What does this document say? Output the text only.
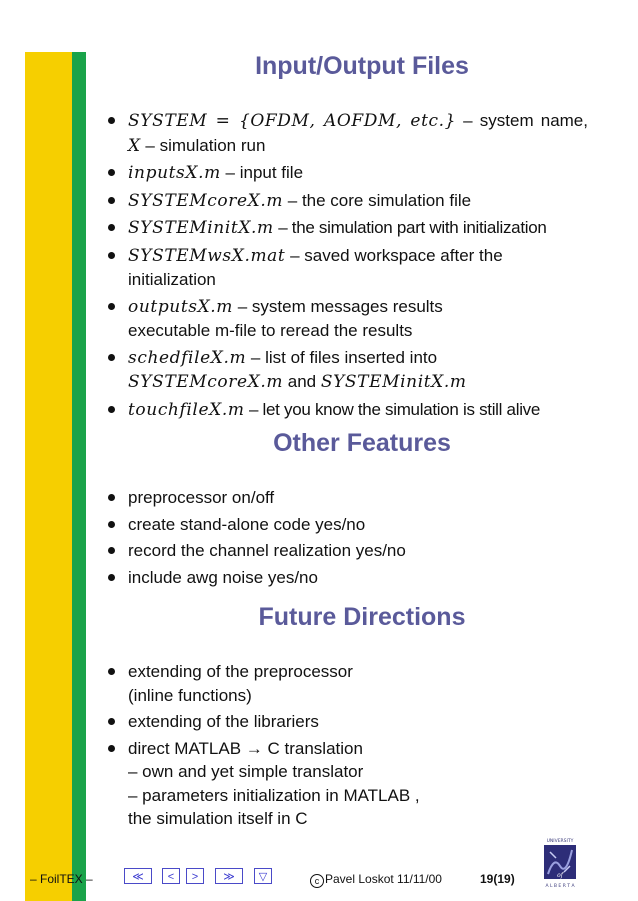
Input/Output Files
SYSTEM = {OFDM, AOFDM, etc.} – system name, X – simulation run
inputsX.m – input file
SYSTEMcoreX.m – the core simulation file
SYSTEMinitX.m – the simulation part with initialization
SYSTEMwsX.mat – saved workspace after the initialization
outputsX.m – system messages results
executable m-file to reread the results
schedfileX.m – list of files inserted into
SYSTEMcoreX.m and SYSTEMinitX.m
touchfileX.m – let you know the simulation is still alive
Other Features
preprocessor on/off
create stand-alone code yes/no
record the channel realization yes/no
include awg noise yes/no
Future Directions
extending of the preprocessor
(inline functions)
extending of the librariers
direct MATLAB → C translation
– own and yet simple translator
– parameters initialization in MATLAB ,
the simulation itself in C
– FoilTEX –	≪	<	>	≫	▽	c Pavel Loskot 11/11/00	19(19)
UNIVERSITY
of
A L B E R T A
